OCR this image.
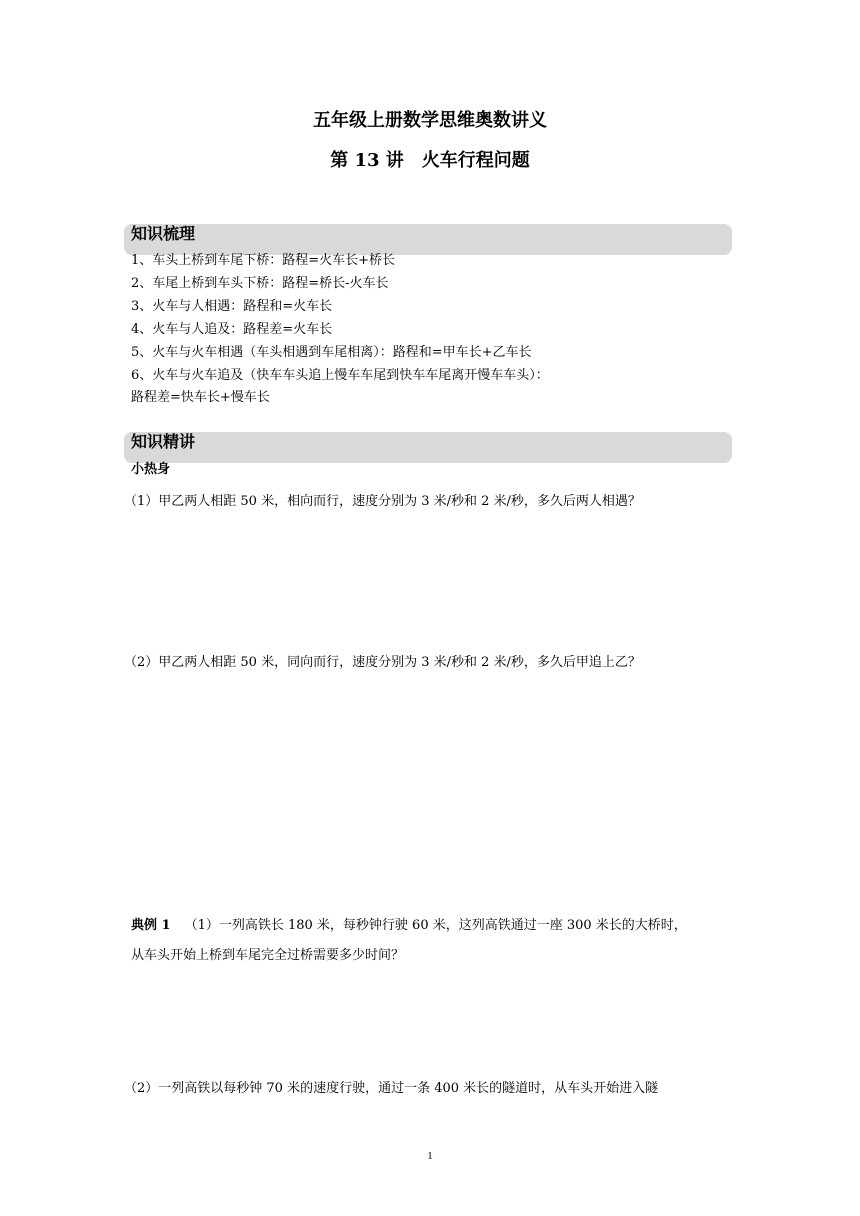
五年级上册数学思维奥数讲义
第 13 讲　火车行程问题
知识梳理
1、车头上桥到车尾下桥：路程=火车长+桥长
2、车尾上桥到车头下桥：路程=桥长-火车长
3、火车与人相遇：路程和=火车长
4、火车与人追及：路程差=火车长
5、火车与火车相遇（车头相遇到车尾相离）：路程和=甲车长+乙车长
6、火车与火车追及（快车车头追上慢车车尾到快车车尾离开慢车车头）：
路程差=快车长+慢车长
知识精讲
小热身
（1）甲乙两人相距 50 米，相向而行，速度分别为 3 米/秒和 2 米/秒，多久后两人相遇？
（2）甲乙两人相距 50 米，同向而行，速度分别为 3 米/秒和 2 米/秒，多久后甲追上乙？
典例 1 （1）一列高铁长 180 米，每秒钟行驶 60 米，这列高铁通过一座 300 米长的大桥时，
从车头开始上桥到车尾完全过桥需要多少时间？
（2）一列高铁以每秒钟 70 米的速度行驶，通过一条 400 米长的隧道时，从车头开始进入隧
1
